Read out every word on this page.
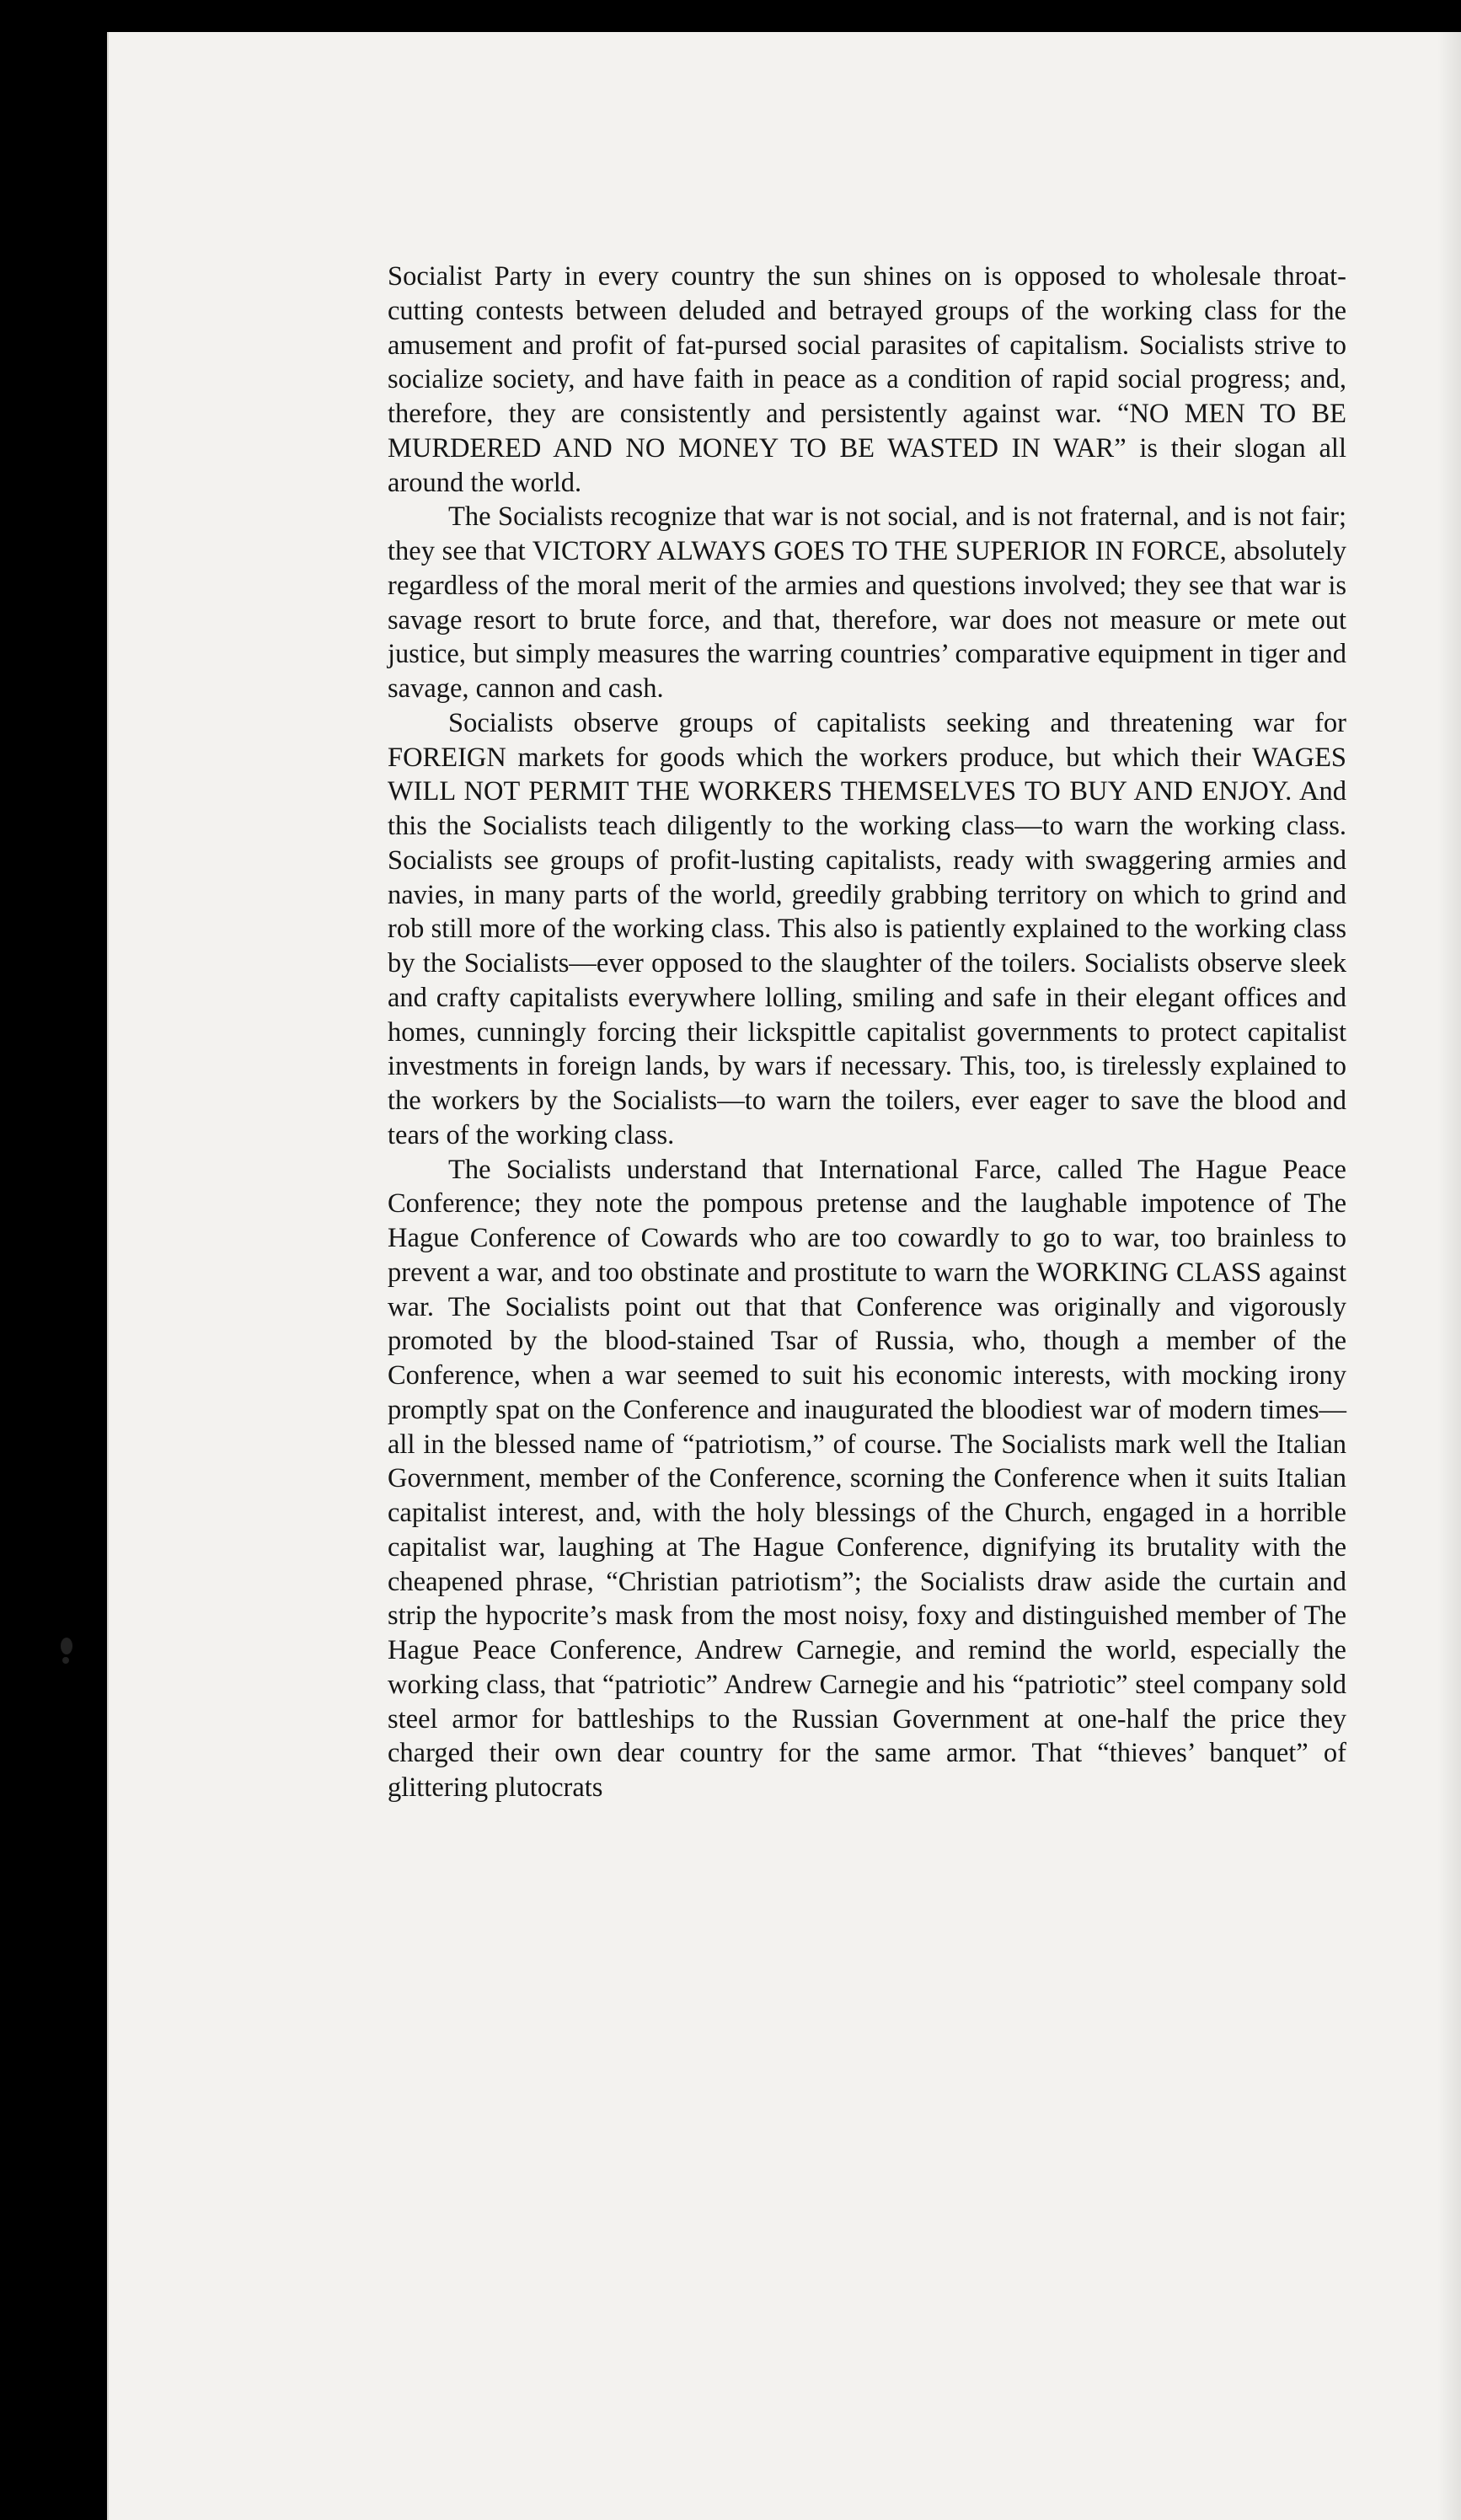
Socialist Party in every country the sun shines on is opposed to wholesale throat-cutting contests between deluded and betrayed groups of the working class for the amusement and profit of fat-pursed social parasites of capitalism. Socialists strive to socialize society, and have faith in peace as a condition of rapid social progress; and, therefore, they are consistently and persistently against war. “NO MEN TO BE MURDERED AND NO MONEY TO BE WASTED IN WAR” is their slogan all around the world.

The Socialists recognize that war is not social, and is not fraternal, and is not fair; they see that VICTORY ALWAYS GOES TO THE SUPERIOR IN FORCE, absolutely regardless of the moral merit of the armies and questions involved; they see that war is savage resort to brute force, and that, therefore, war does not measure or mete out justice, but simply measures the warring countries’ comparative equipment in tiger and savage, cannon and cash.

Socialists observe groups of capitalists seeking and threatening war for FOREIGN markets for goods which the workers produce, but which their WAGES WILL NOT PERMIT THE WORKERS THEMSELVES TO BUY AND ENJOY. And this the Socialists teach diligently to the working class—to warn the working class. Socialists see groups of profit-lusting capitalists, ready with swaggering armies and navies, in many parts of the world, greedily grabbing territory on which to grind and rob still more of the working class. This also is patiently explained to the working class by the Socialists—ever opposed to the slaughter of the toilers. Socialists observe sleek and crafty capitalists everywhere lolling, smiling and safe in their elegant offices and homes, cunningly forcing their lickspittle capitalist governments to protect capitalist investments in foreign lands, by wars if necessary. This, too, is tirelessly explained to the workers by the Socialists—to warn the toilers, ever eager to save the blood and tears of the working class.

The Socialists understand that International Farce, called The Hague Peace Conference; they note the pompous pretense and the laughable impotence of The Hague Conference of Cowards who are too cowardly to go to war, too brainless to prevent a war, and too obstinate and prostitute to warn the WORKING CLASS against war. The Socialists point out that that Conference was originally and vigorously promoted by the blood-stained Tsar of Russia, who, though a member of the Conference, when a war seemed to suit his economic interests, with mocking irony promptly spat on the Conference and inaugurated the bloodiest war of modern times—all in the blessed name of “patriotism,” of course. The Socialists mark well the Italian Government, member of the Conference, scorning the Conference when it suits Italian capitalist interest, and, with the holy blessings of the Church, engaged in a horrible capitalist war, laughing at The Hague Conference, dignifying its brutality with the cheapened phrase, “Christian patriotism”; the Socialists draw aside the curtain and strip the hypocrite’s mask from the most noisy, foxy and distinguished member of The Hague Peace Conference, Andrew Carnegie, and remind the world, especially the working class, that “patriotic” Andrew Carnegie and his “patriotic” steel company sold steel armor for battleships to the Russian Government at one-half the price they charged their own dear country for the same armor. That “thieves’ banquet” of glittering plutocrats
